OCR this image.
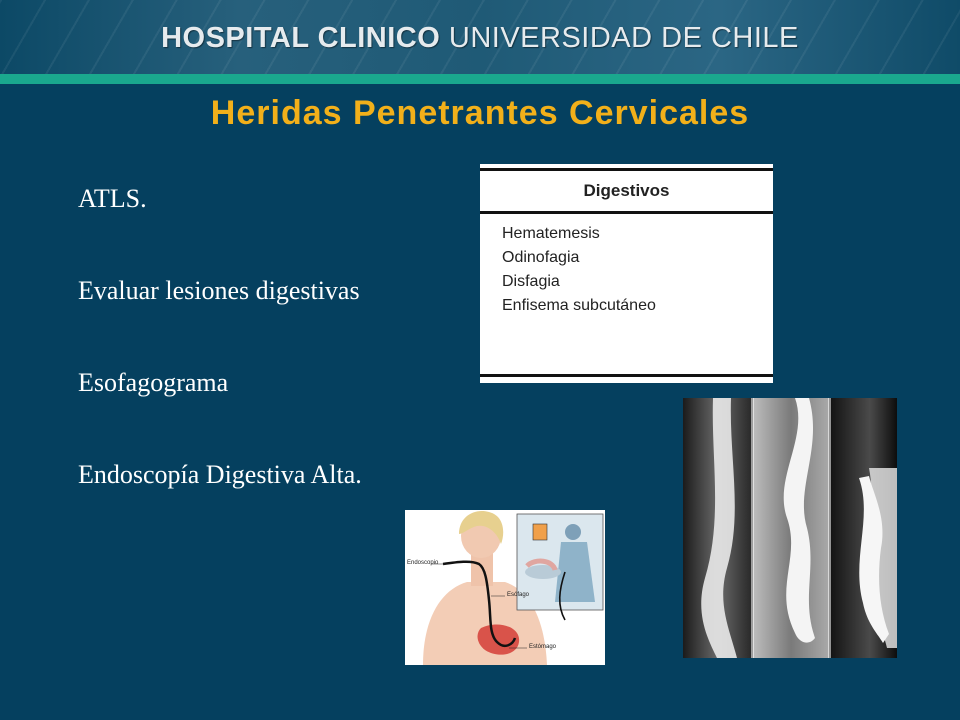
HOSPITAL CLINICO UNIVERSIDAD DE CHILE
Heridas Penetrantes Cervicales
ATLS.
Evaluar lesiones digestivas
Esofagograma
Endoscopía Digestiva Alta.
Digestivos
Hematemesis
Odinofagia
Disfagia
Enfisema subcutáneo
Endoscopio
Esófago
Estómago
